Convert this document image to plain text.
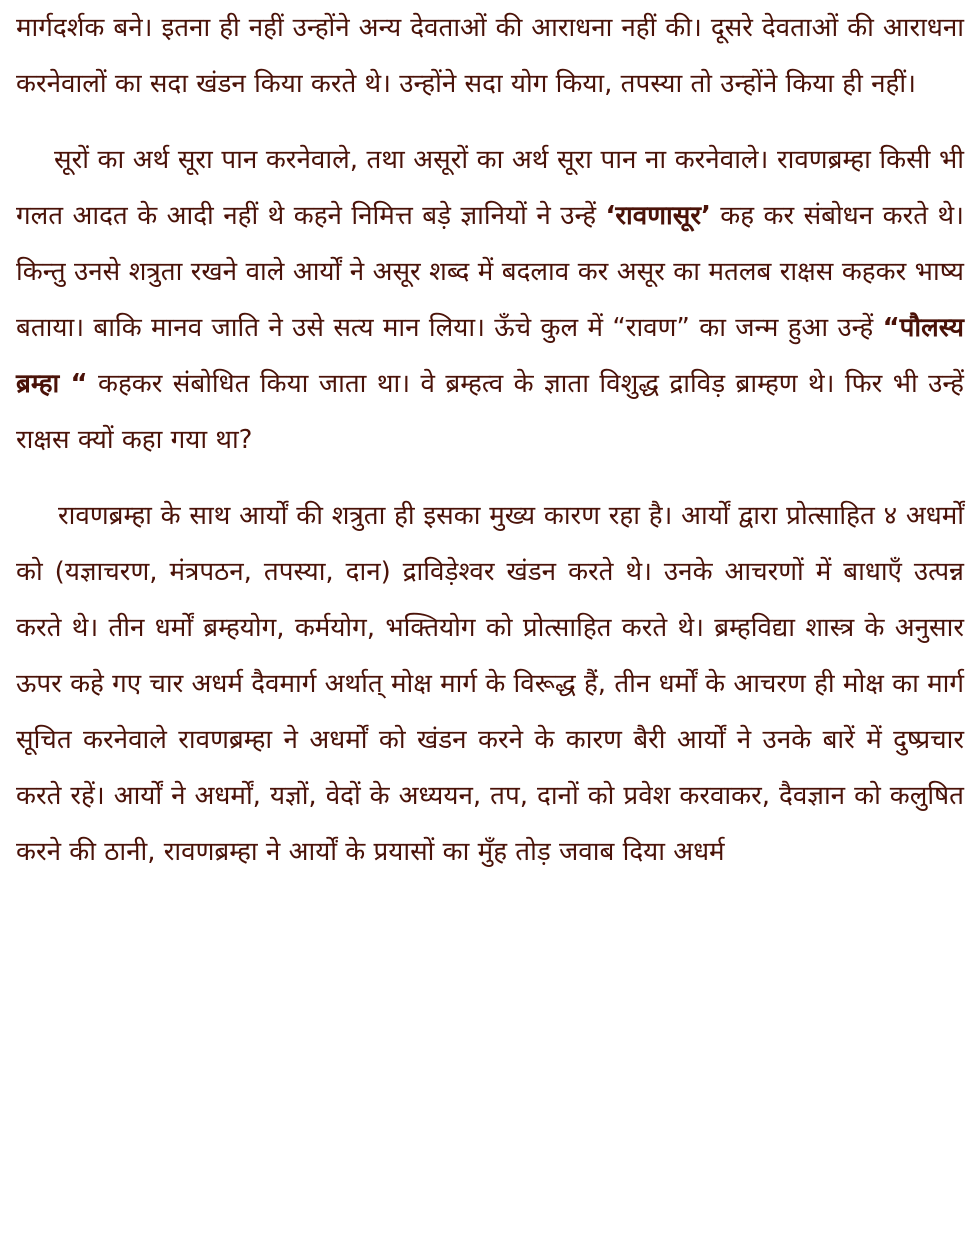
मार्गदर्शक बने। इतना ही नहीं उन्होंने अन्य देवताओं की आराधना नहीं की। दूसरे देवताओं की आराधना करनेवालों का सदा खंडन किया करते थे। उन्होंने सदा योग किया, तपस्या तो उन्होंने किया ही नहीं।

सूरों का अर्थ सूरा पान करनेवाले, तथा असूरों का अर्थ सूरा पान ना करनेवाले। रावणब्रम्हा किसी भी गलत आदत के आदी नहीं थे कहने निमित्त बड़े ज्ञानियों ने उन्हें ‘रावणासूर’ कह कर संबोधन करते थे। किन्तु उनसे शत्रुता रखने वाले आर्यों ने असूर शब्द में बदलाव कर असूर का मतलब राक्षस कहकर भाष्य बताया। बाकि मानव जाति ने उसे सत्य मान लिया। ऊँचे कुल में “रावण” का जन्म हुआ उन्हें “पौलस्य ब्रम्हा “ कहकर संबोधित किया जाता था। वे ब्रम्हत्व के ज्ञाता विशुद्ध द्राविड़ ब्राम्हण थे। फिर भी उन्हें राक्षस क्यों कहा गया था?

रावणब्रम्हा के साथ आर्यों की शत्रुता ही इसका मुख्य कारण रहा है। आर्यों द्वारा प्रोत्साहित ४ अधर्मों को (यज्ञाचरण, मंत्रपठन, तपस्या, दान) द्राविड़ेश्वर खंडन करते थे। उनके आचरणों में बाधाएँ उत्पन्न करते थे। तीन धर्मों ब्रम्हयोग, कर्मयोग, भक्तियोग को प्रोत्साहित करते थे। ब्रम्हविद्या शास्त्र के अनुसार ऊपर कहे गए चार अधर्म दैवमार्ग अर्थात् मोक्ष मार्ग के विरूद्ध हैं, तीन धर्मों के आचरण ही मोक्ष का मार्ग सूचित करनेवाले रावणब्रम्हा ने अधर्मों को खंडन करने के कारण बैरी आर्यों ने उनके बारें में दुष्प्रचार करते रहें। आर्यों ने अधर्मों, यज्ञों, वेदों के अध्ययन, तप, दानों को प्रवेश करवाकर, दैवज्ञान को कलुषित करने की ठानी, रावणब्रम्हा ने आर्यों के प्रयासों का मुँह तोड़ जवाब दिया अधर्म
